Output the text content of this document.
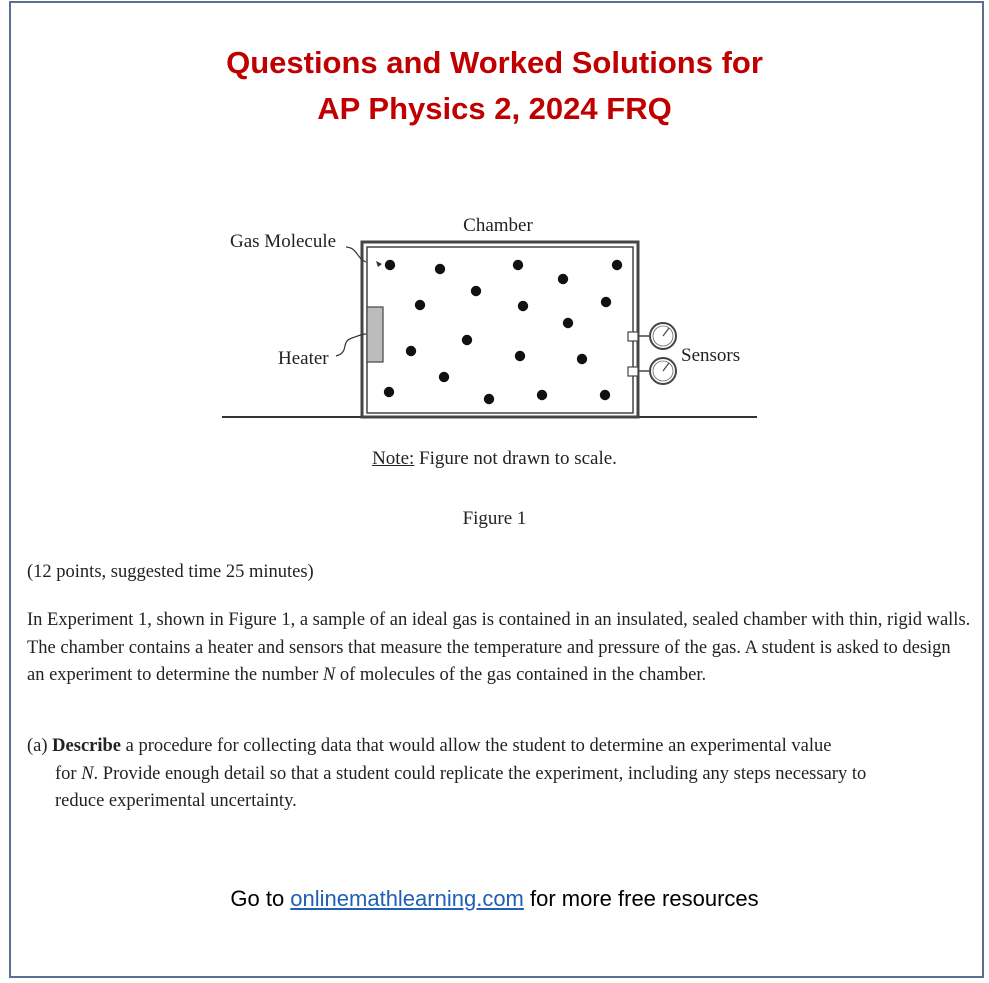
Questions and Worked Solutions for
AP Physics 2, 2024 FRQ
Chamber
Gas Molecule
Heater	Sensors
Note: Figure not drawn to scale.
Figure 1
(12 points, suggested time 25 minutes)
In Experiment 1, shown in Figure 1, a sample of an ideal gas is contained in an insulated, sealed chamber with thin, rigid walls. The chamber contains a heater and sensors that measure the temperature and pressure of the gas. A student is asked to design an experiment to determine the number N of molecules of the gas contained in the chamber.
(a) Describe a procedure for collecting data that would allow the student to determine an experimental value
for N. Provide enough detail so that a student could replicate the experiment, including any steps necessary to
reduce experimental uncertainty.
Go to onlinemathlearning.com for more free resources
